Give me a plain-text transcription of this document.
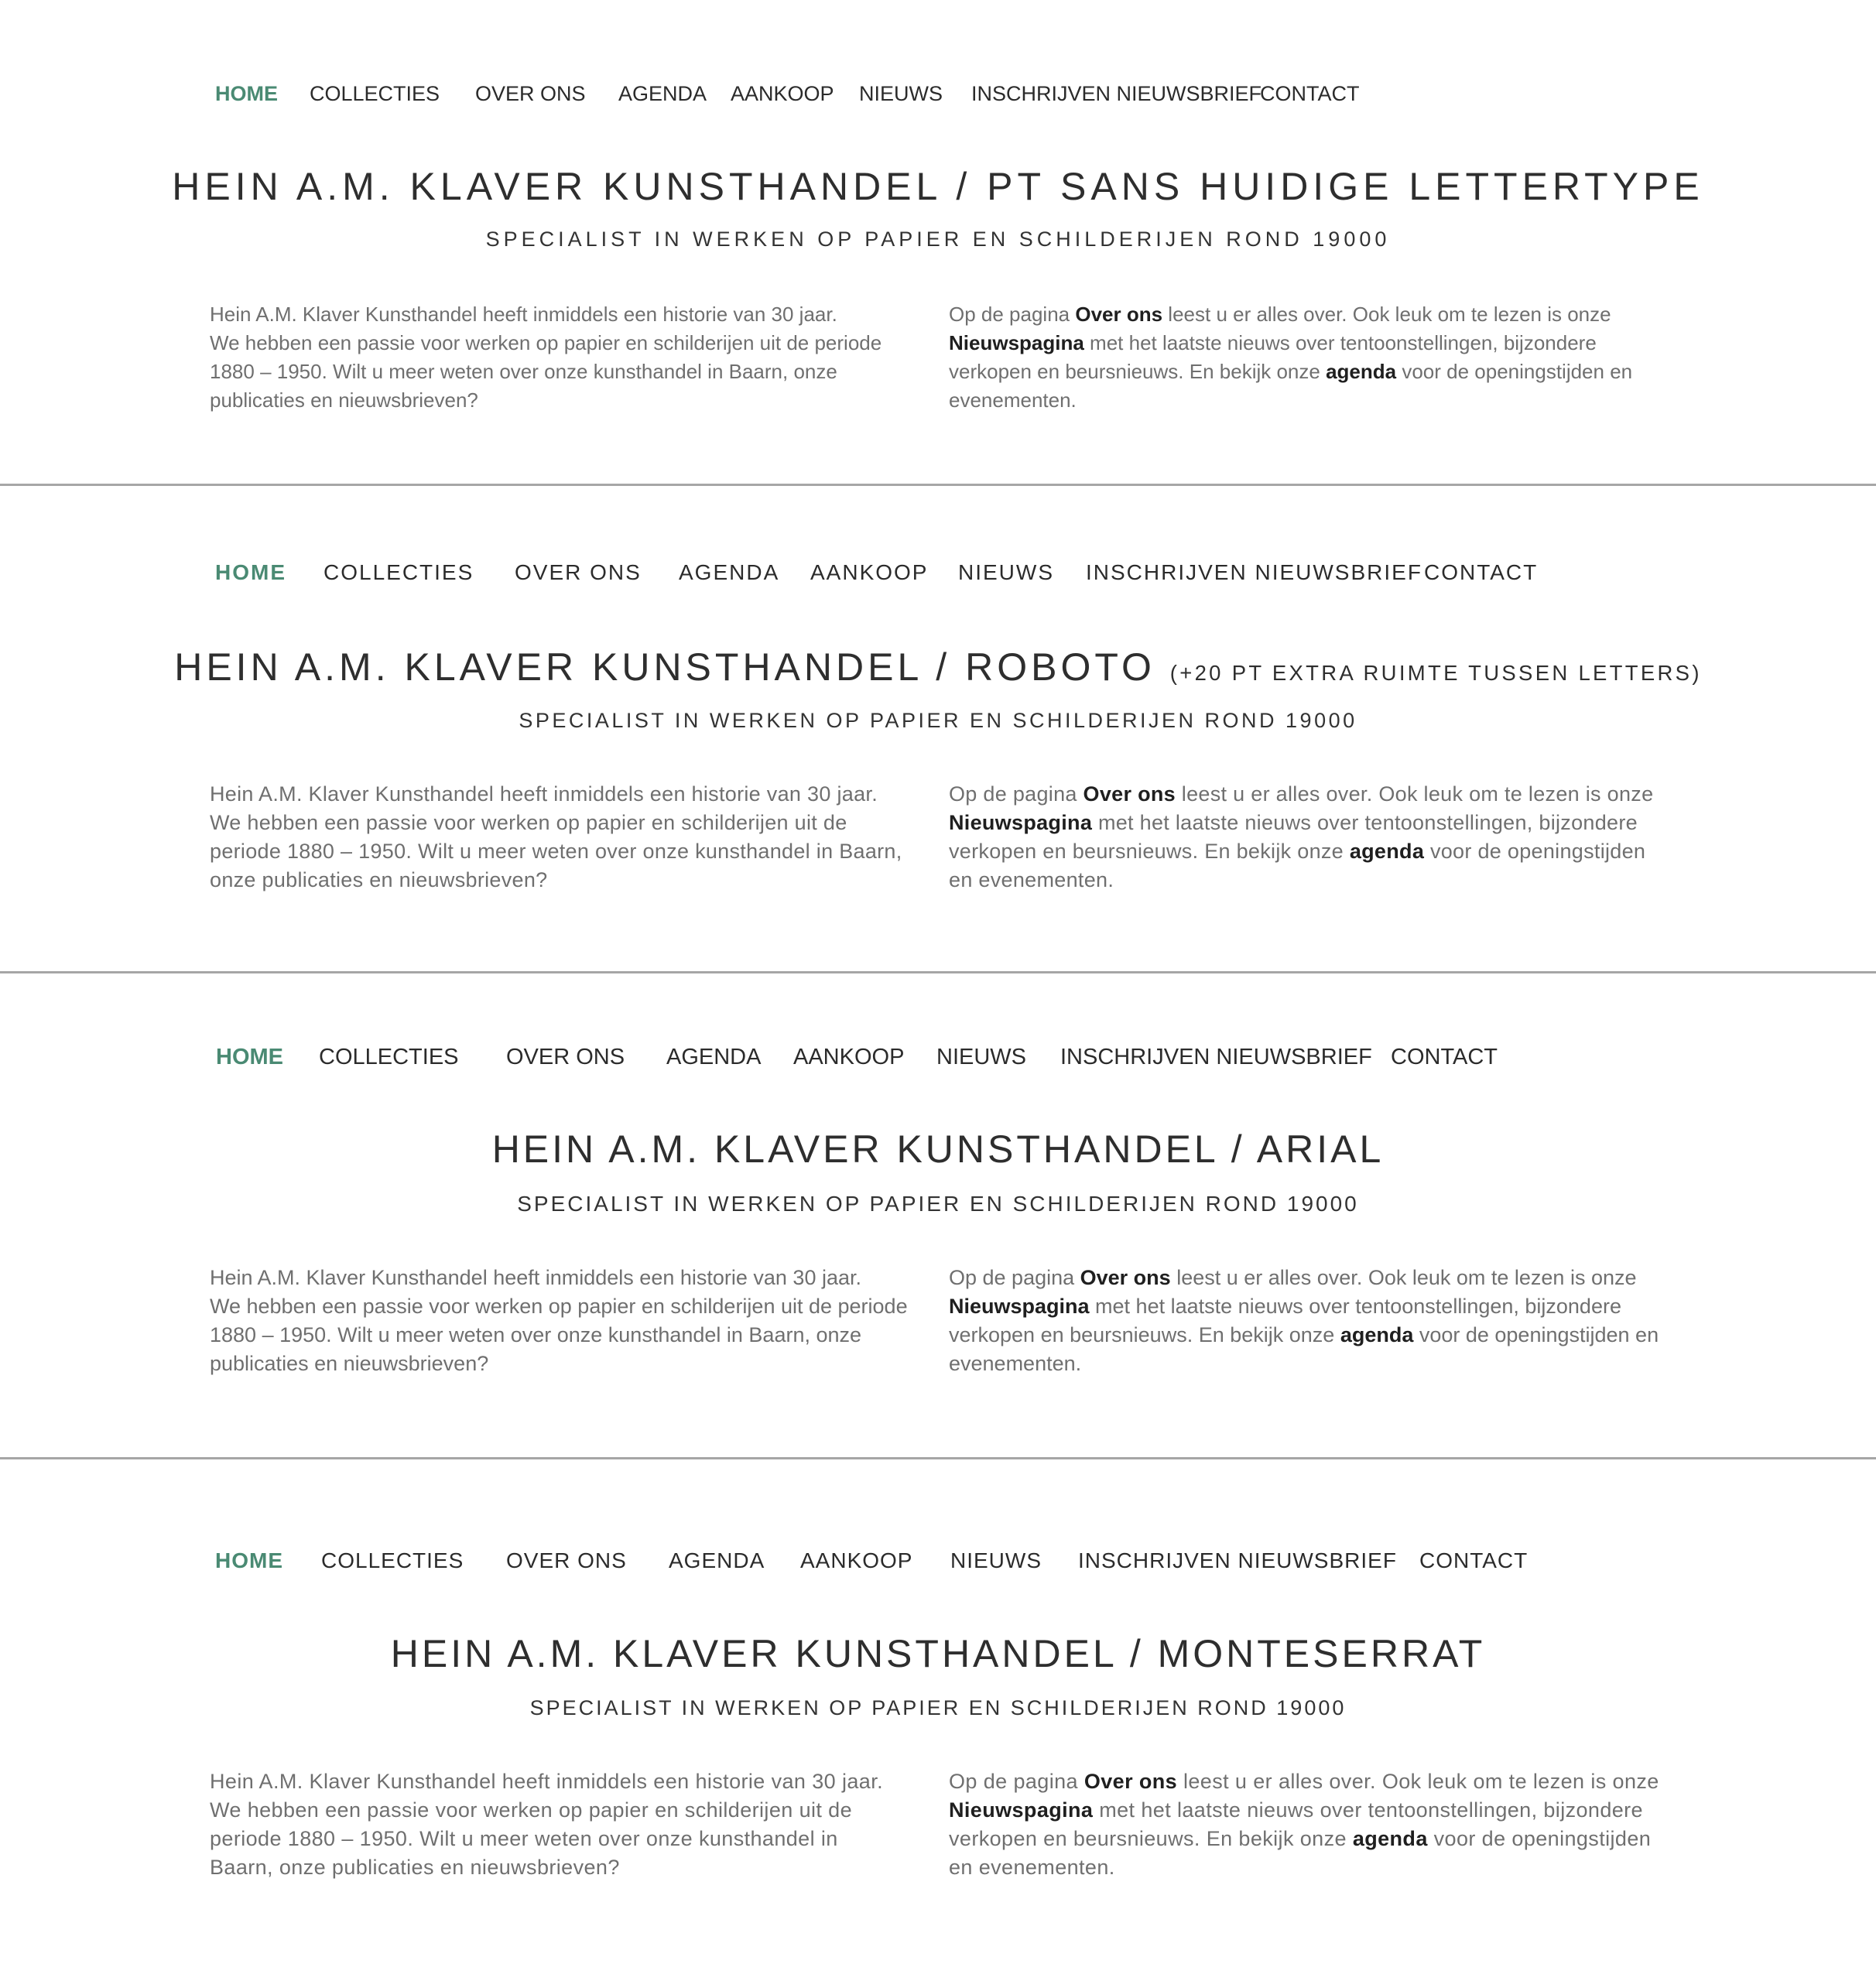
HOME COLLECTIES OVER ONS AGENDA AANKOOP NIEUWS INSCHRIJVEN NIEUWSBRIEF
CONTACT
HEIN A.M. KLAVER KUNSTHANDEL / PT SANS HUIDIGE LETTERTYPE
SPECIALIST IN WERKEN OP PAPIER EN SCHILDERIJEN ROND 19000

Hein A.M. Klaver Kunsthandel heeft inmiddels een historie van 30 jaar.
We hebben een passie voor werken op papier en schilderijen uit de periode 1880 – 1950. Wilt u meer weten over onze kunsthandel in Baarn, onze publicaties en nieuwsbrieven?

Op de pagina Over ons leest u er alles over. Ook leuk om te lezen is onze Nieuwspagina met het laatste nieuws over tentoonstellingen, bijzondere verkopen en beursnieuws. En bekijk onze agenda voor de openingstijden en evenementen.

HOME COLLECTIES OVER ONS AGENDA AANKOOP NIEUWS INSCHRIJVEN NIEUWSBRIEF CONTACT
HEIN A.M. KLAVER KUNSTHANDEL / ROBOTO (+20 PT EXTRA RUIMTE TUSSEN LETTERS)
SPECIALIST IN WERKEN OP PAPIER EN SCHILDERIJEN ROND 19000

Hein A.M. Klaver Kunsthandel heeft inmiddels een historie van 30 jaar.
We hebben een passie voor werken op papier en schilderijen uit de periode 1880 – 1950. Wilt u meer weten over onze kunsthandel in Baarn, onze publicaties en nieuwsbrieven?

Op de pagina Over ons leest u er alles over. Ook leuk om te lezen is onze Nieuwspagina met het laatste nieuws over tentoonstellingen, bijzondere verkopen en beursnieuws. En bekijk onze agenda voor de openingstijden en evenementen.

HOME COLLECTIES OVER ONS AGENDA AANKOOP NIEUWS INSCHRIJVEN NIEUWSBRIEF CONTACT
HEIN A.M. KLAVER KUNSTHANDEL / ARIAL
SPECIALIST IN WERKEN OP PAPIER EN SCHILDERIJEN ROND 19000

Hein A.M. Klaver Kunsthandel heeft inmiddels een historie van 30 jaar.
We hebben een passie voor werken op papier en schilderijen uit de periode 1880 – 1950. Wilt u meer weten over onze kunsthandel in Baarn, onze publicaties en nieuwsbrieven?

Op de pagina Over ons leest u er alles over. Ook leuk om te lezen is onze Nieuwspagina met het laatste nieuws over tentoonstellingen, bijzondere verkopen en beursnieuws. En bekijk onze agenda voor de openingstijden en evenementen.

HOME COLLECTIES OVER ONS AGENDA AANKOOP NIEUWS INSCHRIJVEN NIEUWSBRIEF CONTACT
HEIN A.M. KLAVER KUNSTHANDEL / MONTESERRAT
SPECIALIST IN WERKEN OP PAPIER EN SCHILDERIJEN ROND 19000

Hein A.M. Klaver Kunsthandel heeft inmiddels een historie van 30 jaar. We hebben een passie voor werken op papier en schilderijen uit de periode 1880 – 1950. Wilt u meer weten over onze kunsthandel in Baarn, onze publicaties en nieuwsbrieven?

Op de pagina Over ons leest u er alles over. Ook leuk om te lezen is onze Nieuwspagina met het laatste nieuws over tentoonstellingen, bijzondere verkopen en beursnieuws. En bekijk onze agenda voor de openingstijden en evenementen.
